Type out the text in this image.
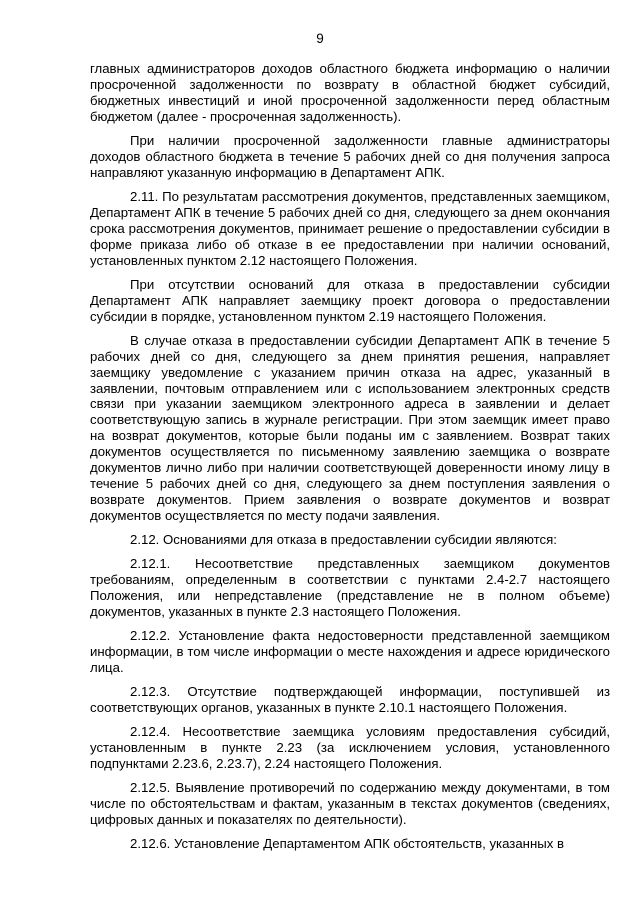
9

главных администраторов доходов областного бюджета информацию о наличии просроченной задолженности по возврату в областной бюджет субсидий, бюджетных инвестиций и иной просроченной задолженности перед областным бюджетом (далее - просроченная задолженность).

При наличии просроченной задолженности главные администраторы доходов областного бюджета в течение 5 рабочих дней со дня получения запроса направляют указанную информацию в Департамент АПК.

2.11. По результатам рассмотрения документов, представленных заемщиком, Департамент АПК в течение 5 рабочих дней со дня, следующего за днем окончания срока рассмотрения документов, принимает решение о предоставлении субсидии в форме приказа либо об отказе в ее предоставлении при наличии оснований, установленных пунктом 2.12 настоящего Положения.

При отсутствии оснований для отказа в предоставлении субсидии Департамент АПК направляет заемщику проект договора о предоставлении субсидии в порядке, установленном пунктом 2.19 настоящего Положения.

В случае отказа в предоставлении субсидии Департамент АПК в течение 5 рабочих дней со дня, следующего за днем принятия решения, направляет заемщику уведомление с указанием причин отказа на адрес, указанный в заявлении, почтовым отправлением или с использованием электронных средств связи при указании заемщиком электронного адреса в заявлении и делает соответствующую запись в журнале регистрации. При этом заемщик имеет право на возврат документов, которые были поданы им с заявлением. Возврат таких документов осуществляется по письменному заявлению заемщика о возврате документов лично либо при наличии соответствующей доверенности иному лицу в течение 5 рабочих дней со дня, следующего за днем поступления заявления о возврате документов. Прием заявления о возврате документов и возврат документов осуществляется по месту подачи заявления.

2.12. Основаниями для отказа в предоставлении субсидии являются:

2.12.1. Несоответствие представленных заемщиком документов требованиям, определенным в соответствии с пунктами 2.4-2.7 настоящего Положения, или непредставление (представление не в полном объеме) документов, указанных в пункте 2.3 настоящего Положения.

2.12.2. Установление факта недостоверности представленной заемщиком информации, в том числе информации о месте нахождения и адресе юридического лица.

2.12.3. Отсутствие подтверждающей информации, поступившей из соответствующих органов, указанных в пункте 2.10.1 настоящего Положения.

2.12.4. Несоответствие заемщика условиям предоставления субсидий, установленным в пункте 2.23 (за исключением условия, установленного подпунктами 2.23.6, 2.23.7), 2.24 настоящего Положения.

2.12.5. Выявление противоречий по содержанию между документами, в том числе по обстоятельствам и фактам, указанным в текстах документов (сведениях, цифровых данных и показателях по деятельности).

2.12.6. Установление Департаментом АПК обстоятельств, указанных в
